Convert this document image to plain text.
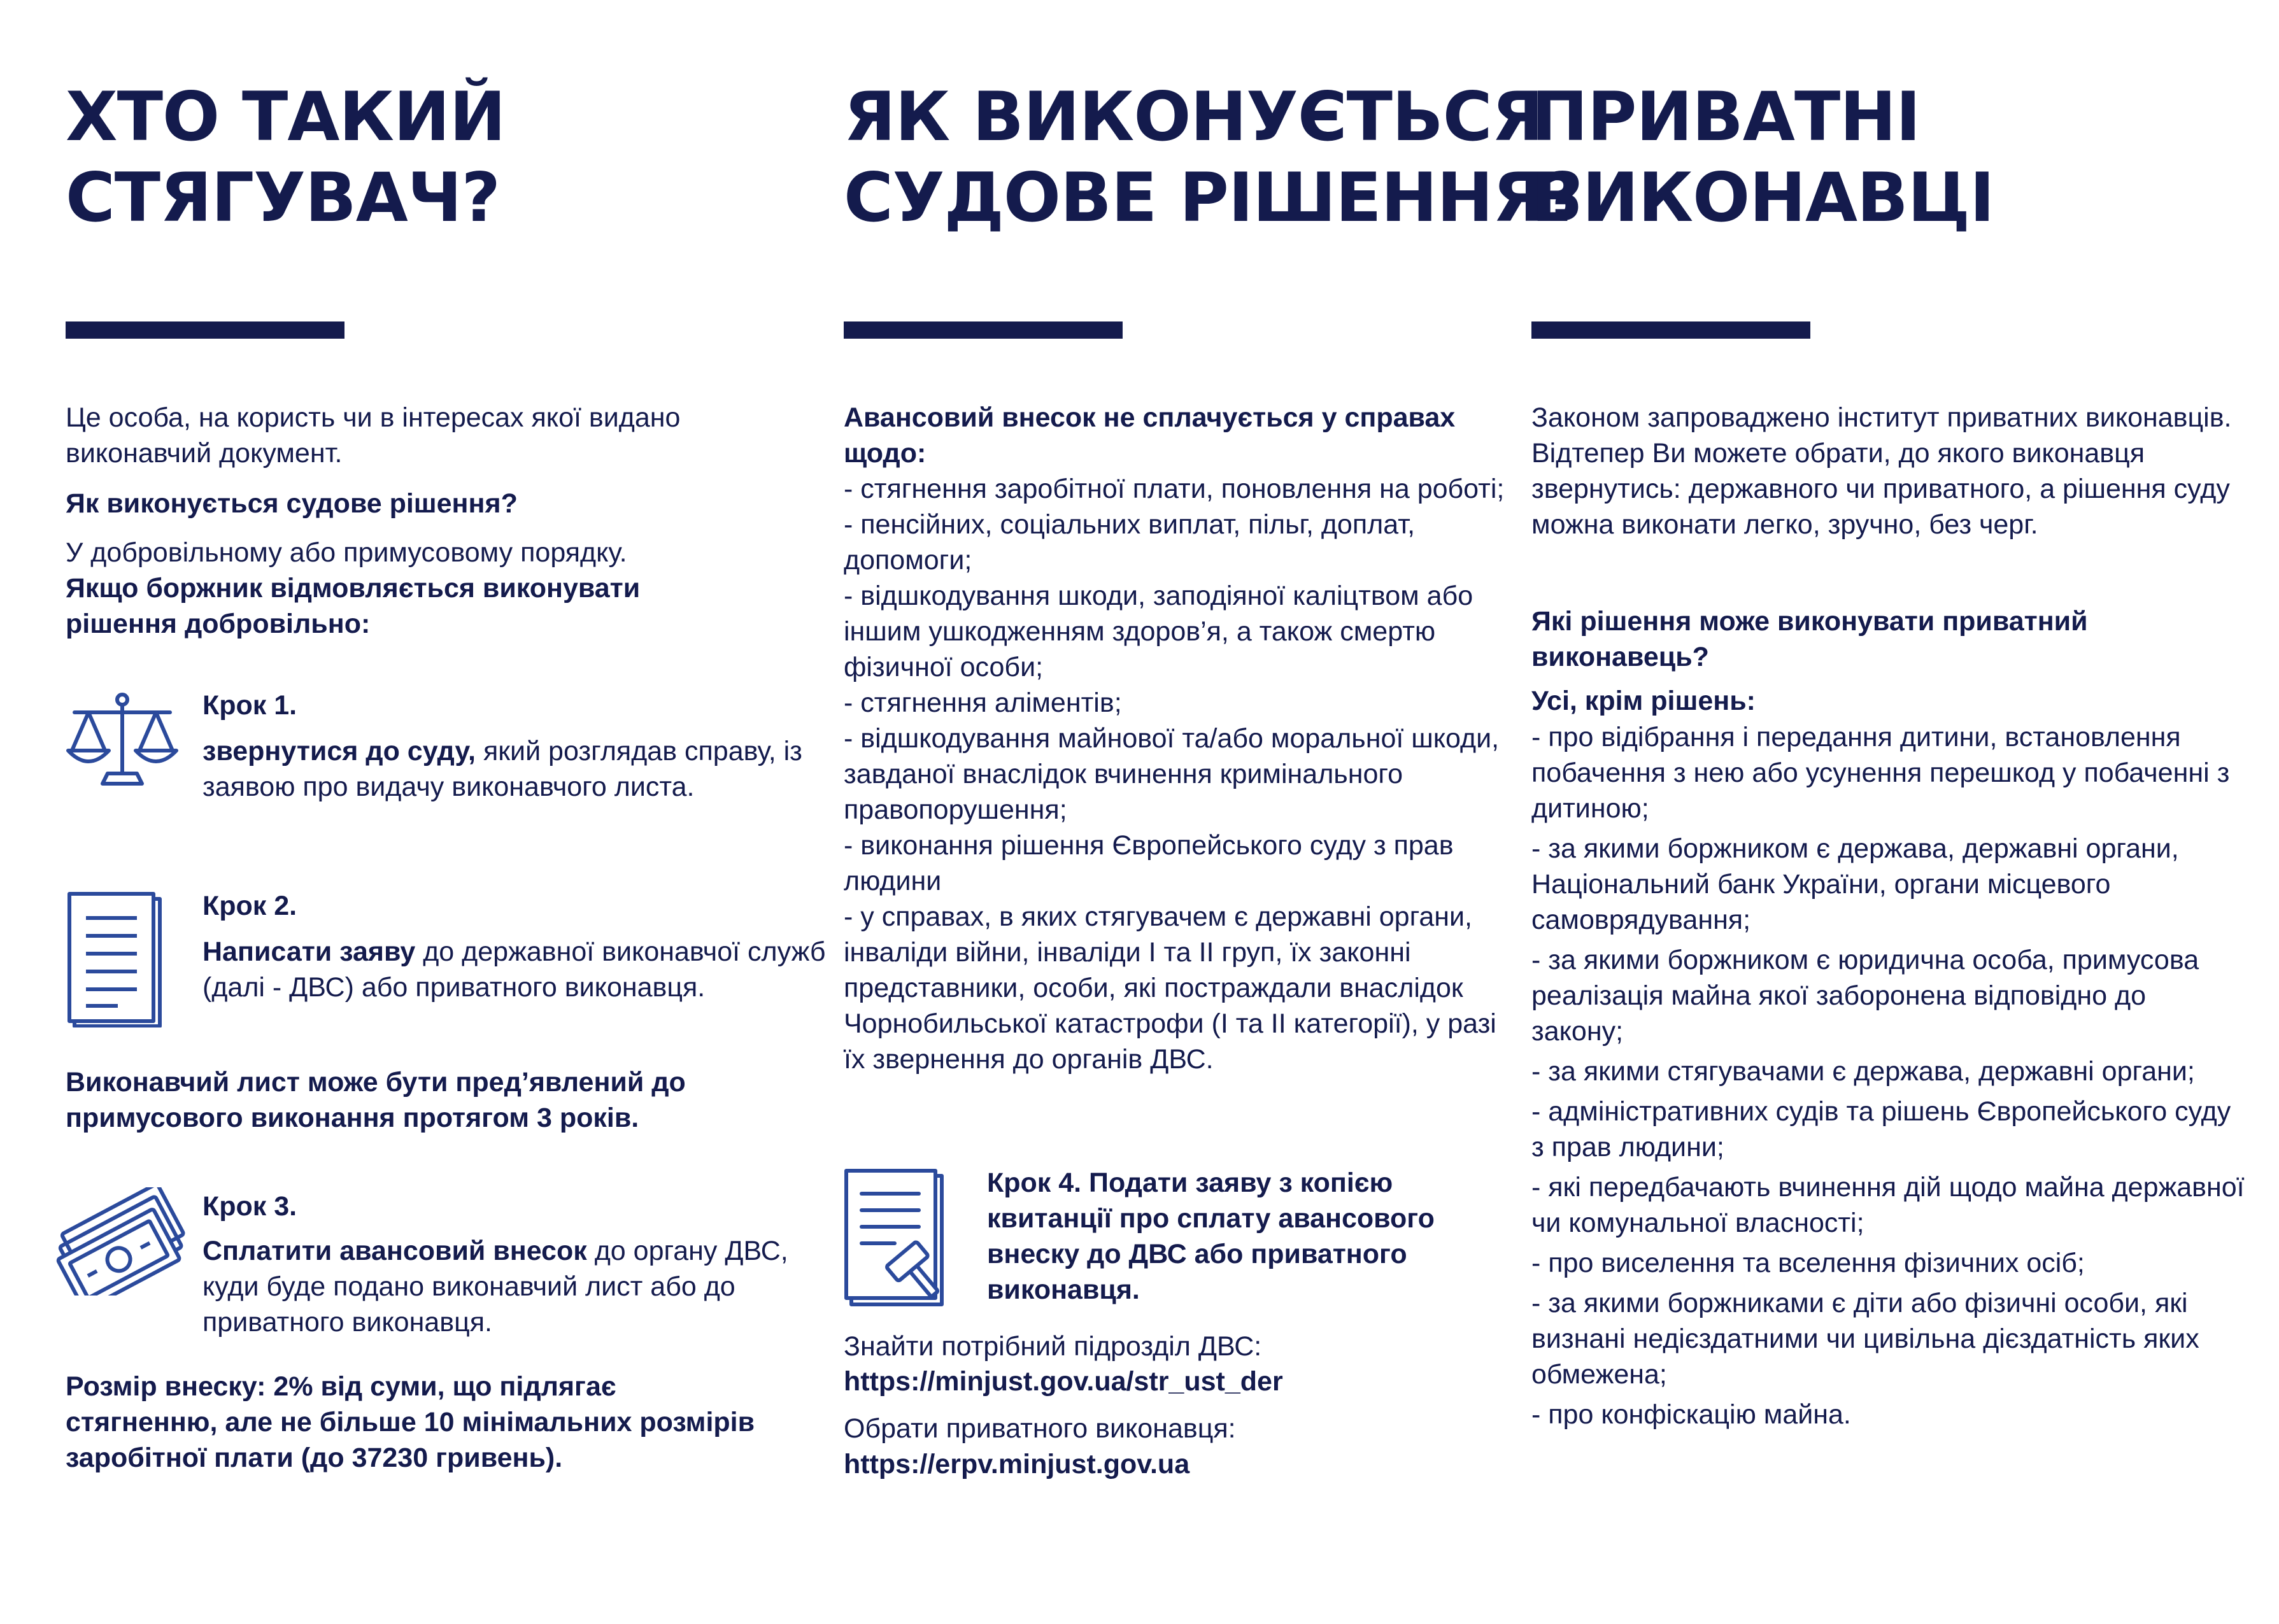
ХТО ТАКИЙ
СТЯГУВАЧ?

Це особа, на користь чи в інтересах якої видано виконавчий документ.

Як виконується судове рішення?

У добровільному або примусовому порядку.

Якщо боржник відмовляється виконувати рішення добровільно:

Крок 1.

звернутися до суду, який розглядав справу, із заявою про видачу виконавчого листа.

Крок 2.

Написати заяву до державної виконавчої служб (далі - ДВС) або приватного виконавця.

Виконавчий лист може бути пред’явлений до примусового виконання протягом 3 років.

Крок 3.

Сплатити авансовий внесок до органу ДВС, куди буде подано виконавчий лист або до приватного виконавця.

Розмір внеску: 2% від суми, що підлягає стягненню, але не більше 10 мінімальних розмірів заробітної плати (до 37230 гривень).

ЯК ВИКОНУЄТЬСЯ
СУДОВЕ РІШЕННЯ?

Авансовий внесок не сплачується у справах щодо:

- стягнення заробітної плати, поновлення на роботі;
- пенсійних, соціальних виплат, пільг, доплат, допомоги;
- відшкодування шкоди, заподіяної каліцтвом або іншим ушкодженням здоров’я, а також смертю фізичної особи;
- стягнення аліментів;
- відшкодування майнової та/або моральної шкоди, завданої внаслідок вчинення кримінального правопорушення;
- виконання рішення Європейського суду з прав людини
- у справах, в яких стягувачем є державні органи, інваліди війни, інваліди I та II груп, їх законні представники, особи, які постраждали внаслідок Чорнобильської катастрофи (I та II категорії), у разі їх звернення до органів ДВС.

Крок 4. Подати заяву з копією квитанції про сплату авансового внеску до ДВС або приватного виконавця.

Знайти потрібний підрозділ ДВС:

https://minjust.gov.ua/str_ust_der

Обрати приватного виконавця:

https://erpv.minjust.gov.ua

ПРИВАТНІ
ВИКОНАВЦІ

Законом запроваджено інститут приватних виконавців. Відтепер Ви можете обрати, до якого виконавця звернутись: державного чи приватного, а рішення суду можна виконати легко, зручно, без черг.

Які рішення може виконувати приватний виконавець?

Усі, крім рішень:

- про відібрання і передання дитини, встановлення побачення з нею або усунення перешкод у побаченні з дитиною;
- за якими боржником є держава, державні органи, Національний банк України, органи місцевого самоврядування;
- за якими боржником є юридична особа, примусова реалізація майна якої заборонена відповідно до закону;
- за якими стягувачами є держава, державні органи;
- адміністративних судів та рішень Європейського суду з прав людини;
- які передбачають вчинення дій щодо майна державної чи комунальної власності;
- про виселення та вселення фізичних осіб;
- за якими боржниками є діти або фізичні особи, які визнані недієздатними чи цивільна дієздатність яких обмежена;
- про конфіскацію майна.
